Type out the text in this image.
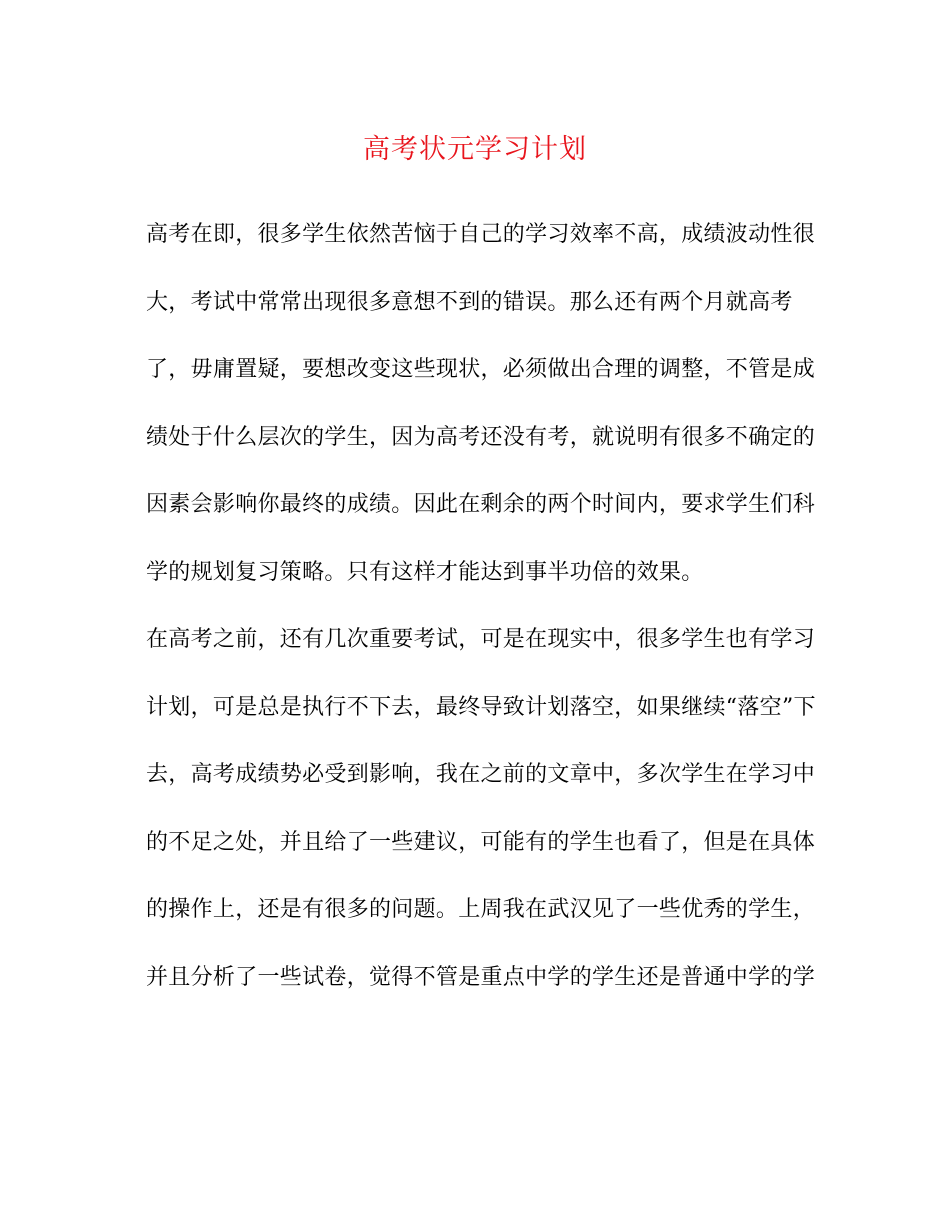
高考状元学习计划
高考在即，很多学生依然苦恼于自己的学习效率不高，成绩波动性很
大，考试中常常出现很多意想不到的错误。那么还有两个月就高考
了，毋庸置疑，要想改变这些现状，必须做出合理的调整，不管是成
绩处于什么层次的学生，因为高考还没有考，就说明有很多不确定的
因素会影响你最终的成绩。因此在剩余的两个时间内，要求学生们科
学的规划复习策略。只有这样才能达到事半功倍的效果。
在高考之前，还有几次重要考试，可是在现实中，很多学生也有学习
计划，可是总是执行不下去，最终导致计划落空，如果继续“落空”下
去，高考成绩势必受到影响，我在之前的文章中，多次学生在学习中
的不足之处，并且给了一些建议，可能有的学生也看了，但是在具体
的操作上，还是有很多的问题。上周我在武汉见了一些优秀的学生，
并且分析了一些试卷，觉得不管是重点中学的学生还是普通中学的学
